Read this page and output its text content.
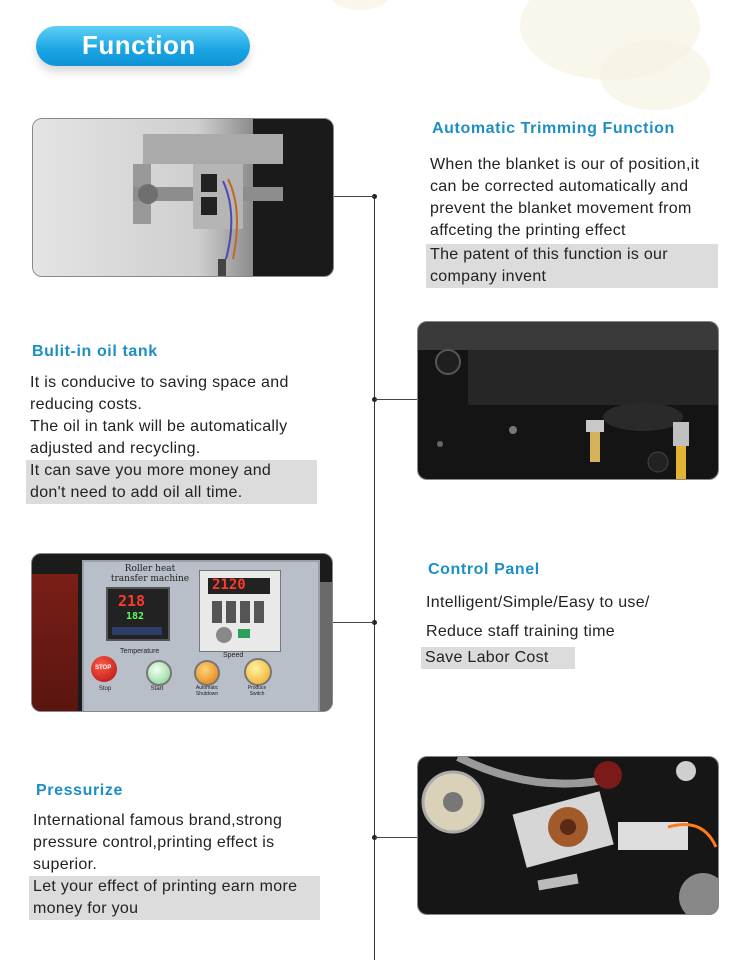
Function
Automatic Trimming Function
When the blanket is our of position,it
can be corrected automatically and
prevent the blanket movement from
affceting the printing effect
The patent of this function is our
company invent
Bulit-in oil tank
It is conducive to saving space and
reducing costs.
The oil in tank will be automatically
adjusted and recycling.
It can save you more money and
don't need to add oil all time.
Roller heat
transfer machine
218
182
2120
Temperature
Speed
STOP
Stop	Start	Automatic Shutdown
Produce Switch
Control Panel
Intelligent/Simple/Easy to use/
Reduce staff training time
Save Labor Cost
Pressurize
International famous brand,strong
pressure control,printing effect is
superior.
Let your effect of printing earn more
money for you
